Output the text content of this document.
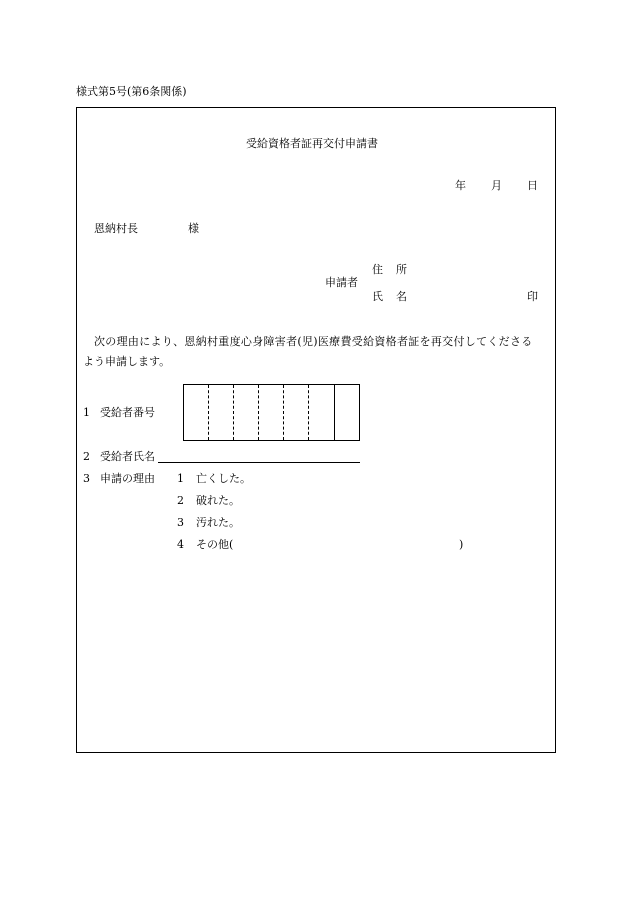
様式第5号(第6条関係)
受給資格者証再交付申請書
年 月 日
恩納村長	様
申請者
住 所
氏 名	印
次の理由により、恩納村重度心身障害者(児)医療費受給資格者証を再交付してくださる
よう申請します。
1 受給者番号
2 受給者氏名
3 申請の理由 1 亡くした。
2 破れた。
3 汚れた。
4 その他(	)
